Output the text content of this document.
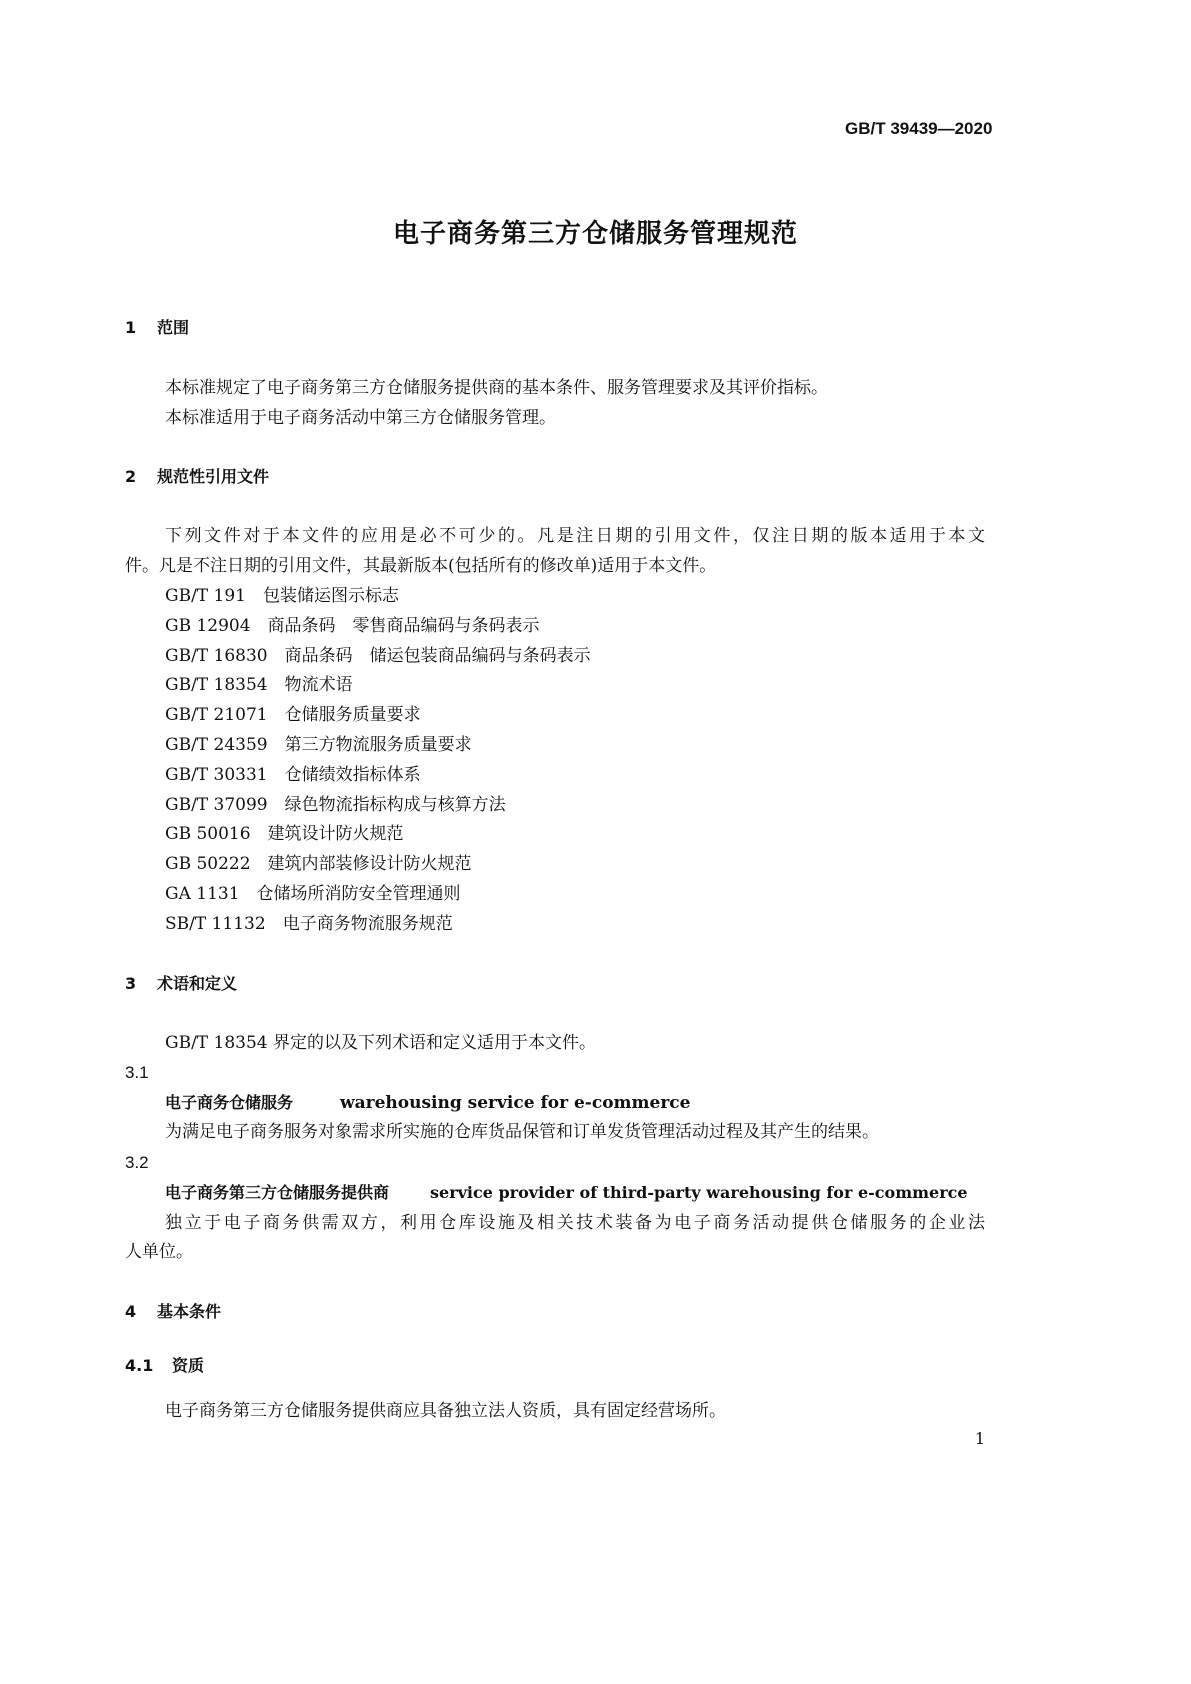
GB/T 39439—2020
电子商务第三方仓储服务管理规范
1 范围
本标准规定了电子商务第三方仓储服务提供商的基本条件、服务管理要求及其评价指标。
本标准适用于电子商务活动中第三方仓储服务管理。
2 规范性引用文件
下列文件对于本文件的应用是必不可少的。凡是注日期的引用文件，仅注日期的版本适用于本文
件。凡是不注日期的引用文件，其最新版本(包括所有的修改单)适用于本文件。
GB/T 191　包装储运图示标志
GB 12904　商品条码　零售商品编码与条码表示
GB/T 16830　商品条码　储运包装商品编码与条码表示
GB/T 18354　物流术语
GB/T 21071　仓储服务质量要求
GB/T 24359　第三方物流服务质量要求
GB/T 30331　仓储绩效指标体系
GB/T 37099　绿色物流指标构成与核算方法
GB 50016　建筑设计防火规范
GB 50222　建筑内部装修设计防火规范
GA 1131　仓储场所消防安全管理通则
SB/T 11132　电子商务物流服务规范
3 术语和定义
GB/T 18354 界定的以及下列术语和定义适用于本文件。
3.1
电子商务仓储服务	warehousing service for e-commerce
为满足电子商务服务对象需求所实施的仓库货品保管和订单发货管理活动过程及其产生的结果。
3.2
电子商务第三方仓储服务提供商	service provider of third-party warehousing for e-commerce
独立于电子商务供需双方，利用仓库设施及相关技术装备为电子商务活动提供仓储服务的企业法
人单位。
4 基本条件
4.1 资质
电子商务第三方仓储服务提供商应具备独立法人资质，具有固定经营场所。
1
